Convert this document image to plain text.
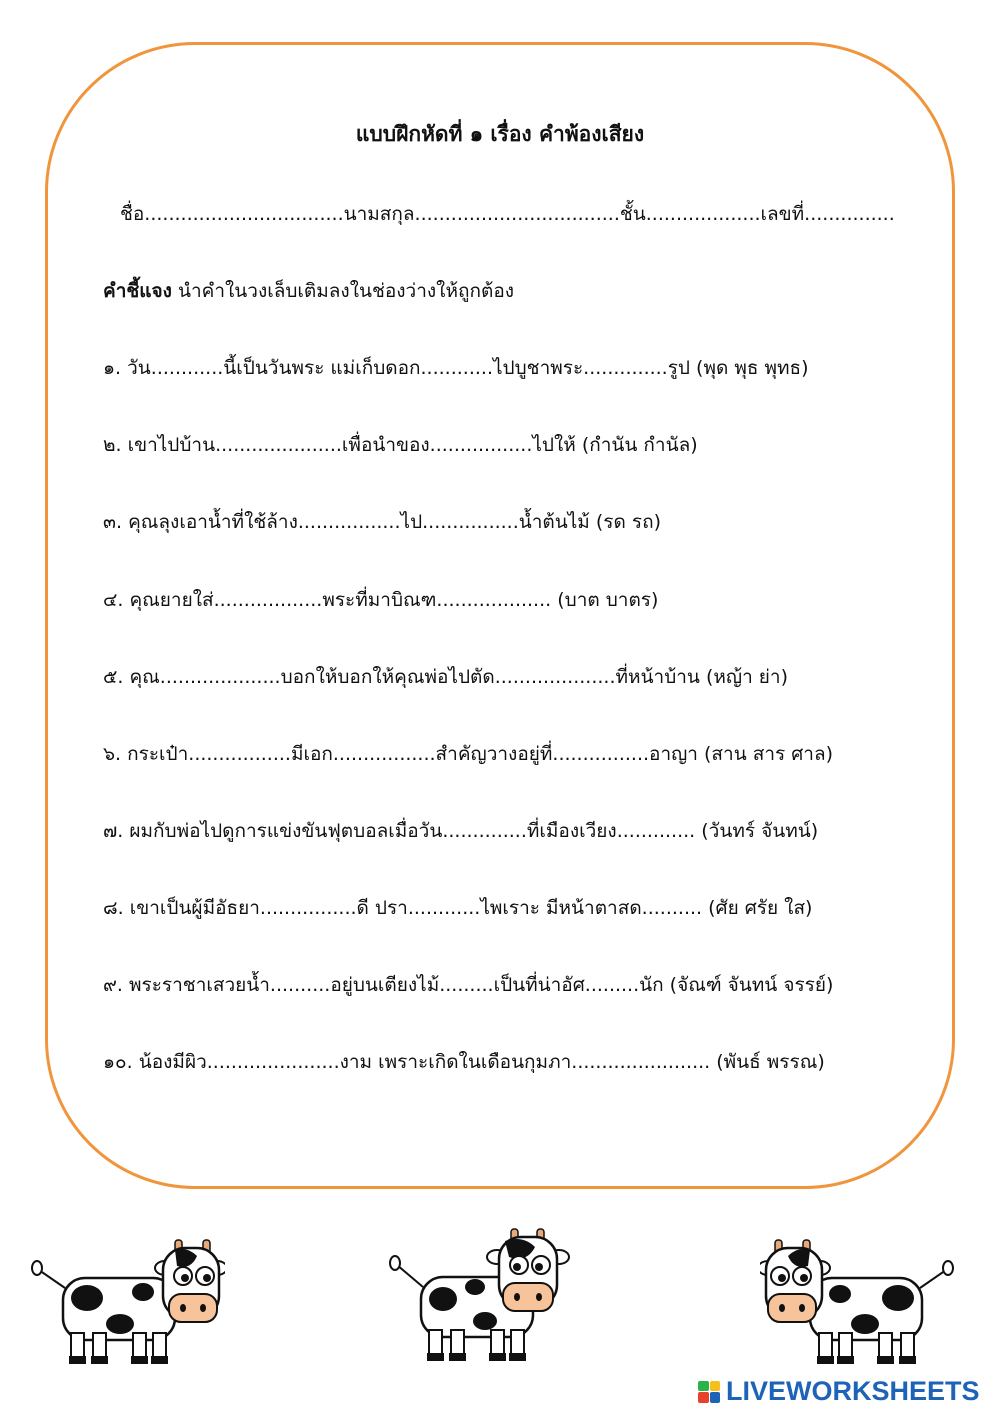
แบบฝึกหัดที่ ๑ เรื่อง คำพ้องเสียง
ชื่อ.................................นามสกุล..................................ชั้น...................เลขที่...............
คำชี้แจง นำคำในวงเล็บเติมลงในช่องว่างให้ถูกต้อง
๑. วัน............นี้เป็นวันพระ แม่เก็บดอก............ไปบูชาพระ..............รูป (พุด พุธ พุทธ)
๒. เขาไปบ้าน.....................เพื่อนำของ.................ไปให้ (กำนัน กำนัล)
๓. คุณลุงเอาน้ำที่ใช้ล้าง.................ไป................น้ำต้นไม้ (รด รถ)
๔. คุณยายใส่..................พระที่มาบิณฑ................... (บาต บาตร)
๕. คุณ....................บอกให้บอกให้คุณพ่อไปตัด....................ที่หน้าบ้าน (หญ้า ย่า)
๖. กระเป๋า.................มีเอก.................สำคัญวางอยู่ที่................อาญา (สาน สาร ศาล)
๗. ผมกับพ่อไปดูการแข่งขันฟุตบอลเมื่อวัน..............ที่เมืองเวียง............. (วันทร์ จันทน์)
๘. เขาเป็นผู้มีอัธยา................ดี ปรา............ไพเราะ มีหน้าตาสด.......... (ศัย ศรัย ใส)
๙. พระราชาเสวยน้ำ..........อยู่บนเตียงไม้.........เป็นที่น่าอัศ.........นัก (จัณฑ์ จันทน์ จรรย์)
๑๐. น้องมีผิว......................งาม เพราะเกิดในเดือนกุมภา....................... (พันธ์ พรรณ)
LIVEWORKSHEETS
